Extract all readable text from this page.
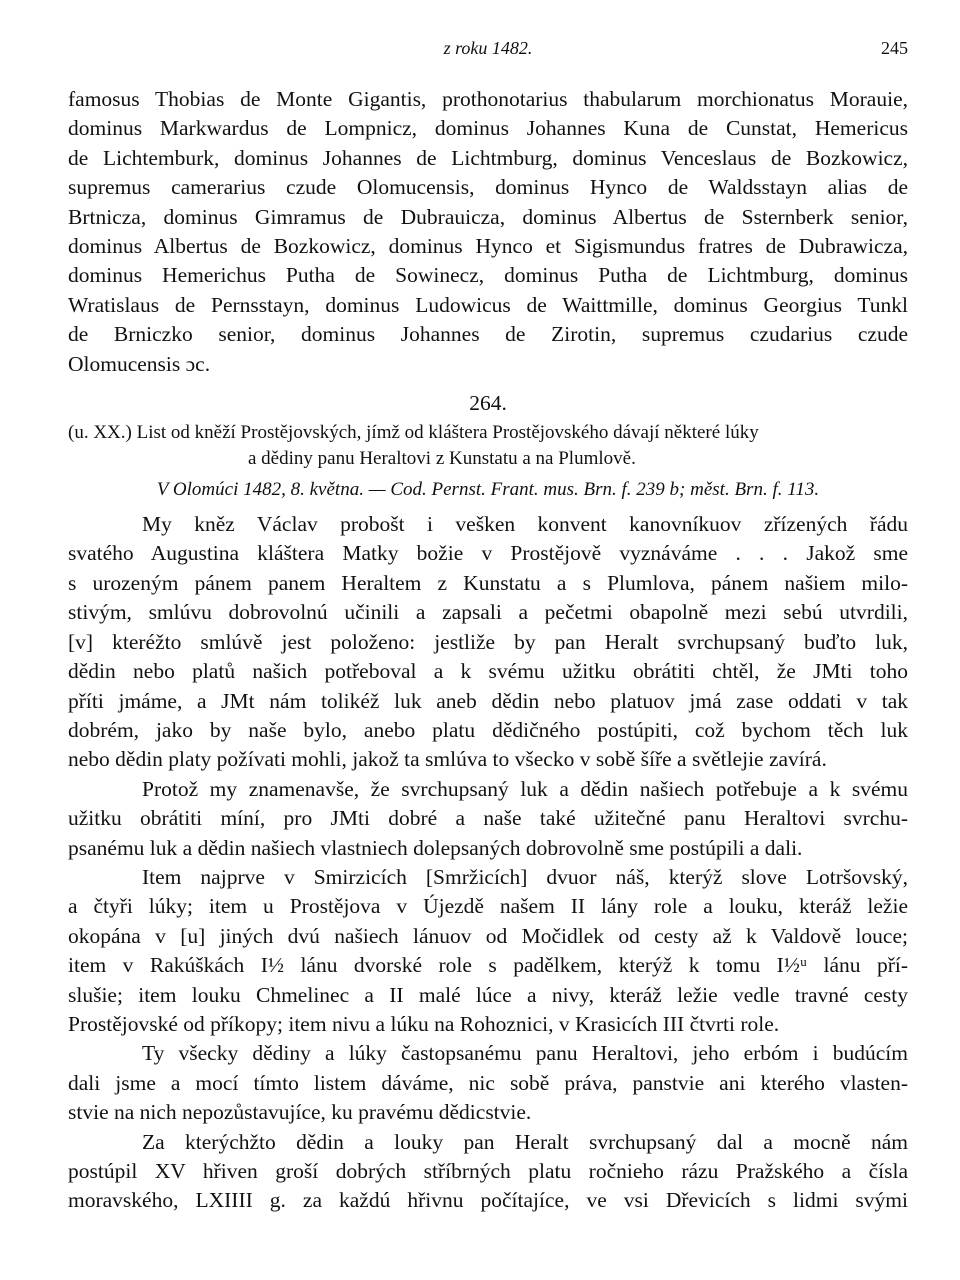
z roku 1482.	245
famosus Thobias de Monte Gigantis, prothonotarius thabularum morchionatus Morauie,
dominus Markwardus de Lompnicz, dominus Johannes Kuna de Cunstat, Hemericus
de Lichtemburk, dominus Johannes de Lichtmburg, dominus Venceslaus de Bozkowicz,
supremus camerarius czude Olomucensis, dominus Hynco de Waldsstayn alias de
Brtnicza, dominus Gimramus de Dubrauicza, dominus Albertus de Ssternberk senior,
dominus Albertus de Bozkowicz, dominus Hynco et Sigismundus fratres de Dubrawicza,
dominus Hemerichus Putha de Sowinecz, dominus Putha de Lichtmburg, dominus
Wratislaus de Pernsstayn, dominus Ludowicus de Waittmille, dominus Georgius Tunkl
de Brniczko senior, dominus Johannes de Zirotin, supremus czudarius czude
Olomucensis ɔc.
264.
(u. XX.) List od kněží Prostějovských, jímž od kláštera Prostějovského dávají některé lúky
a dědiny panu Heraltovi z Kunstatu a na Plumlově.
V Olomúci 1482, 8. května. — Cod. Pernst. Frant. mus. Brn. f. 239 b; měst. Brn. f. 113.
My kněz Václav probošt i vešken konvent kanovníkuov zřízených řádu
svatého Augustina kláštera Matky božie v Prostějově vyznáváme . . . Jakož sme
s urozeným pánem panem Heraltem z Kunstatu a s Plumlova, pánem našiem milo-
stivým, smlúvu dobrovolnú učinili a zapsali a pečetmi obapolně mezi sebú utvrdili,
[v] kteréžto smlúvě jest položeno: jestliže by pan Heralt svrchupsaný buďto luk,
dědin nebo platů našich potřeboval a k svému užitku obrátiti chtěl, že JMti toho
příti jmáme, a JMt nám tolikéž luk aneb dědin nebo platuov jmá zase oddati v tak
dobrém, jako by naše bylo, anebo platu dědičného postúpiti, což bychom těch luk
nebo dědin platy požívati mohli, jakož ta smlúva to všecko v sobě šíře a světlejie zavírá.
Protož my znamenavše, že svrchupsaný luk a dědin našiech potřebuje a k svému
užitku obrátiti míní, pro JMti dobré a naše také užitečné panu Heraltovi svrchu-
psanému luk a dědin našiech vlastniech dolepsaných dobrovolně sme postúpili a dali.
Item najprve v Smirzicích [Smržicích] dvuor náš, kterýž slove Lotršovský,
a čtyři lúky; item u Prostějova v Újezdě našem II lány role a louku, kteráž ležie
okopána v [u] jiných dvú našiech lánuov od Močidlek od cesty až k Valdově louce;
item v Rakúškách I½ lánu dvorské role s padělkem, kterýž k tomu I½ᵘ lánu pří-
slušie; item louku Chmelinec a II malé lúce a nivy, kteráž ležie vedle travné cesty
Prostějovské od příkopy; item nivu a lúku na Rohoznici, v Krasicích III čtvrti role.
Ty všecky dědiny a lúky častopsanému panu Heraltovi, jeho erbóm i budúcím
dali jsme a mocí tímto listem dáváme, nic sobě práva, panstvie ani kterého vlasten-
stvie na nich nepozůstavujíce, ku pravému dědicstvie.
Za kterýchžto dědin a louky pan Heralt svrchupsaný dal a mocně nám
postúpil XV hřiven groší dobrých stříbrných platu ročnieho rázu Pražského a čísla
moravského, LXIIII g. za každú hřivnu počítajíce, ve vsi Dřevicích s lidmi svými
